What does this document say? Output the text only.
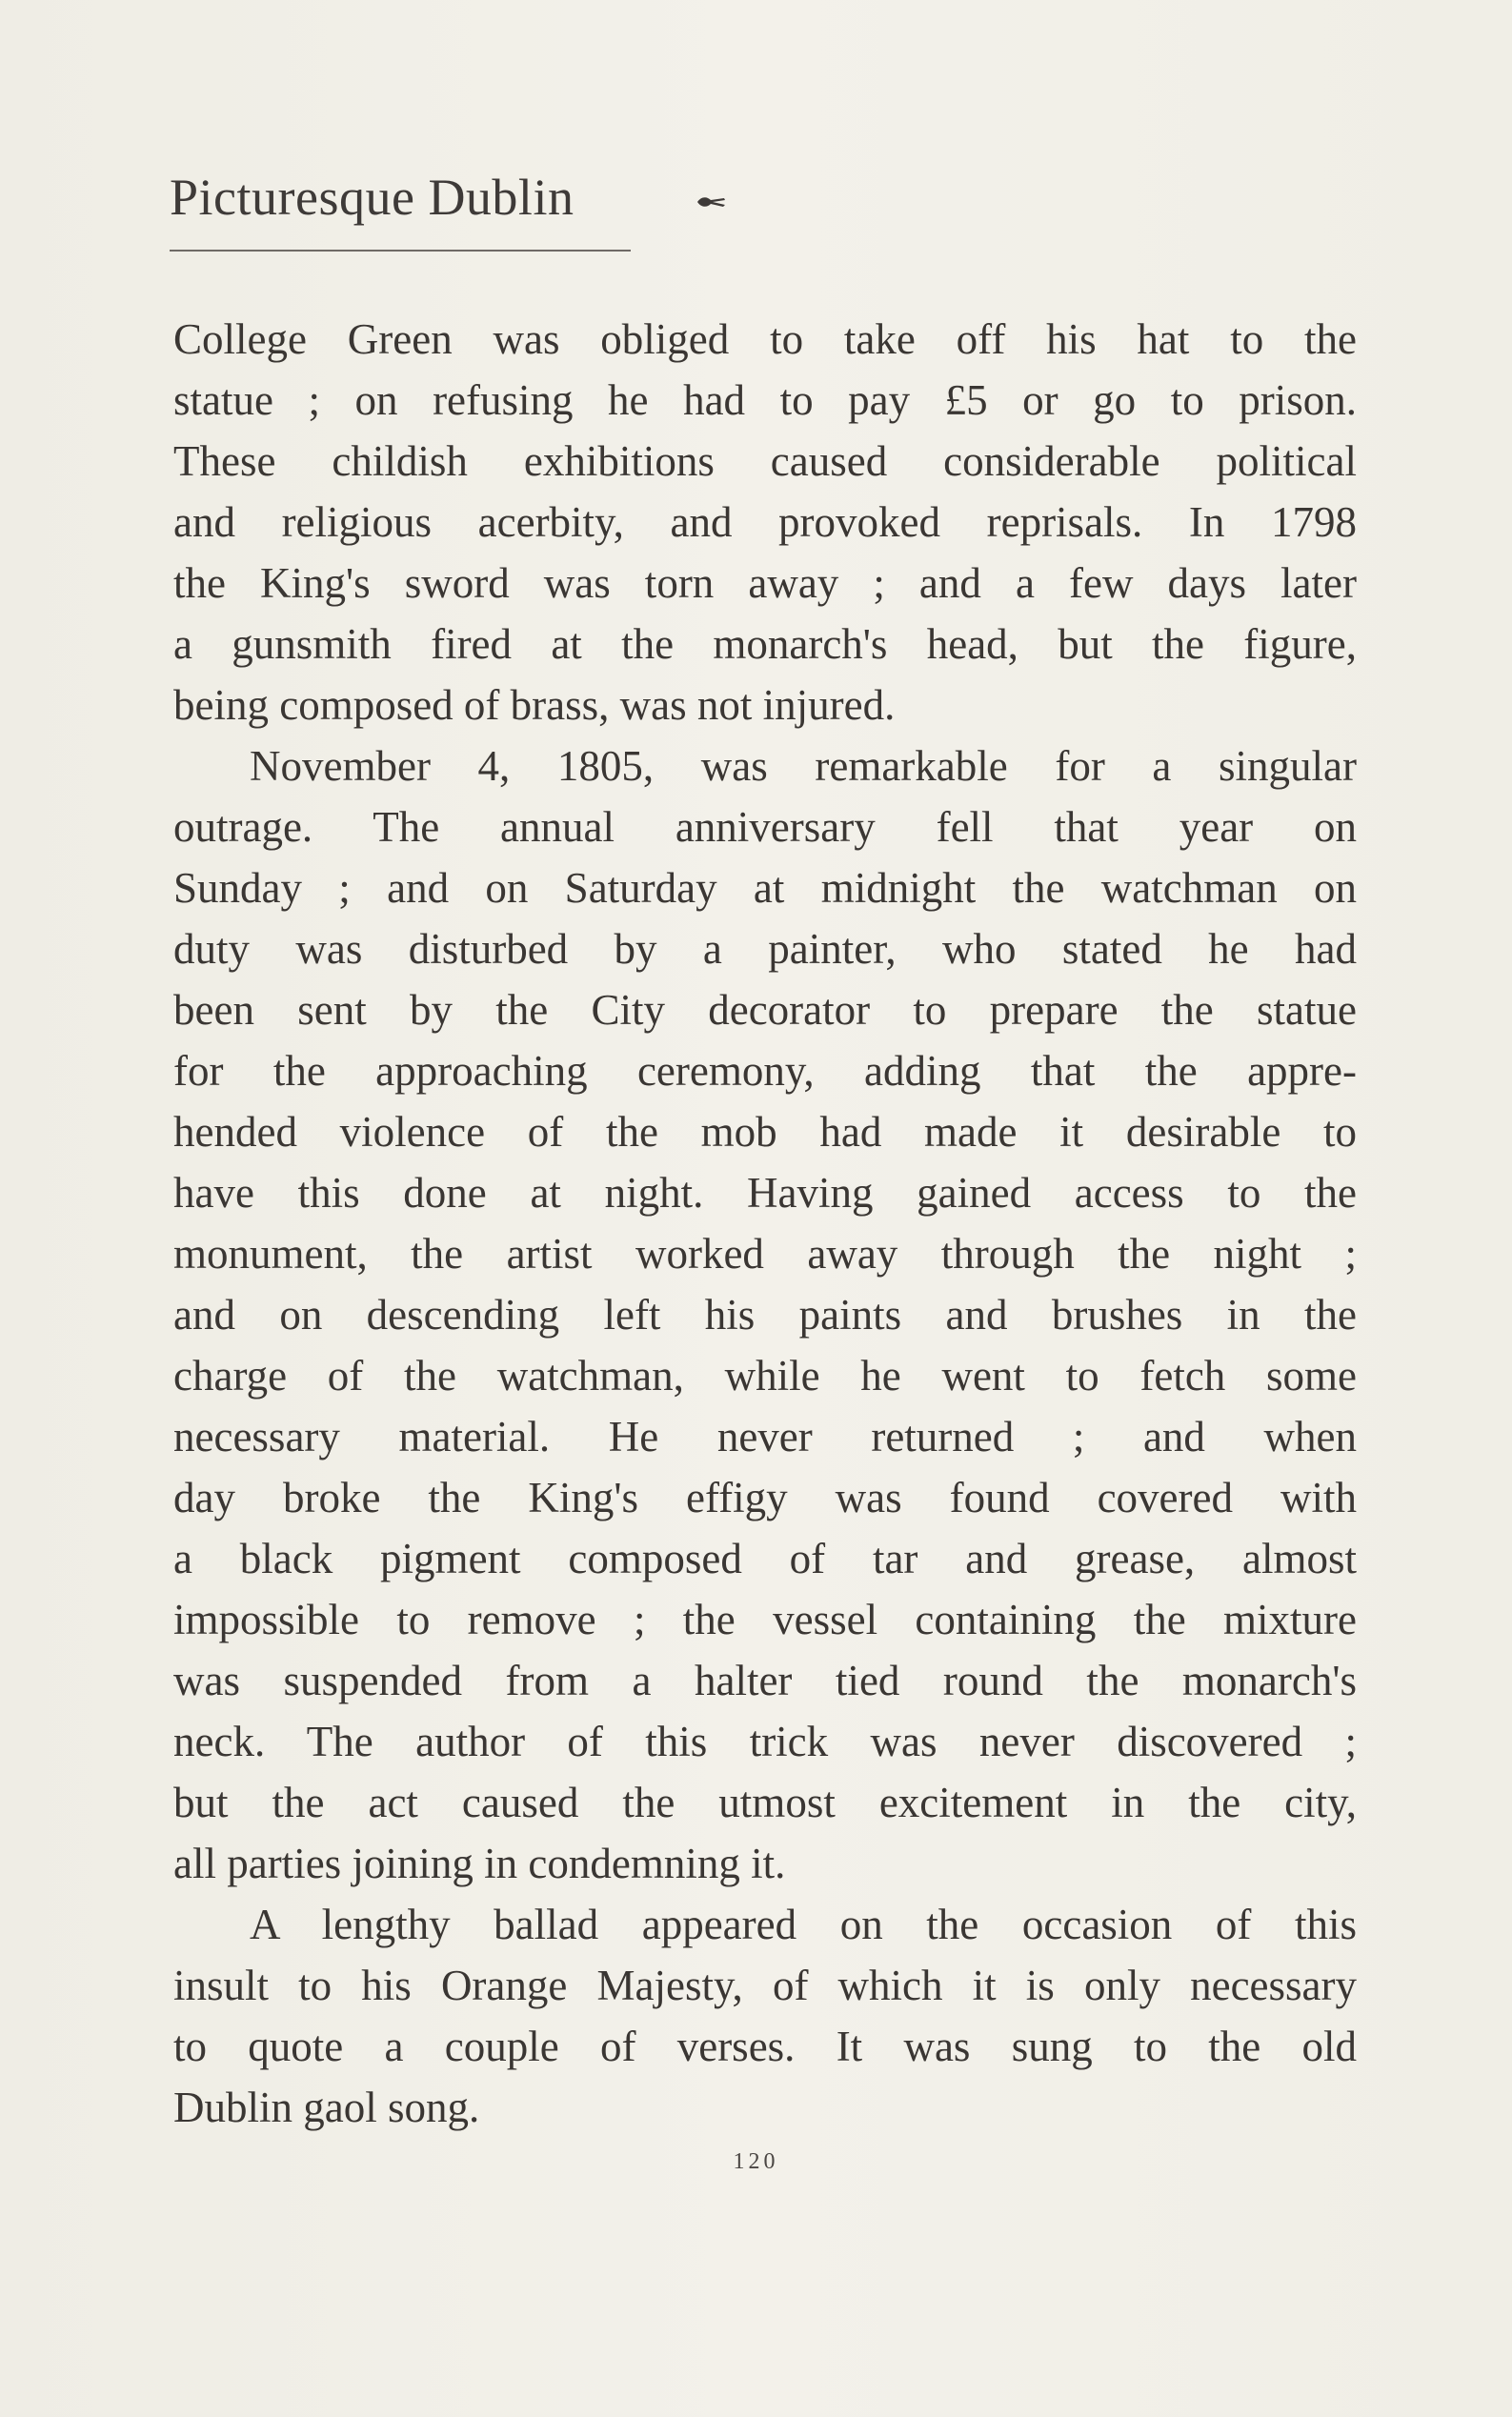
Picturesque Dublin
College Green was obliged to take off his hat to the
statue ; on refusing he had to pay £5 or go to prison.
These childish exhibitions caused considerable political
and religious acerbity, and provoked reprisals. In 1798
the King's sword was torn away ; and a few days later
a gunsmith fired at the monarch's head, but the figure,
being composed of brass, was not injured.
November 4, 1805, was remarkable for a singular
outrage. The annual anniversary fell that year on
Sunday ; and on Saturday at midnight the watchman on
duty was disturbed by a painter, who stated he had
been sent by the City decorator to prepare the statue
for the approaching ceremony, adding that the appre-
hended violence of the mob had made it desirable to
have this done at night. Having gained access to the
monument, the artist worked away through the night ;
and on descending left his paints and brushes in the
charge of the watchman, while he went to fetch some
necessary material. He never returned ; and when
day broke the King's effigy was found covered with
a black pigment composed of tar and grease, almost
impossible to remove ; the vessel containing the mixture
was suspended from a halter tied round the monarch's
neck. The author of this trick was never discovered ;
but the act caused the utmost excitement in the city,
all parties joining in condemning it.
A lengthy ballad appeared on the occasion of this
insult to his Orange Majesty, of which it is only necessary
to quote a couple of verses. It was sung to the old
Dublin gaol song.
120
